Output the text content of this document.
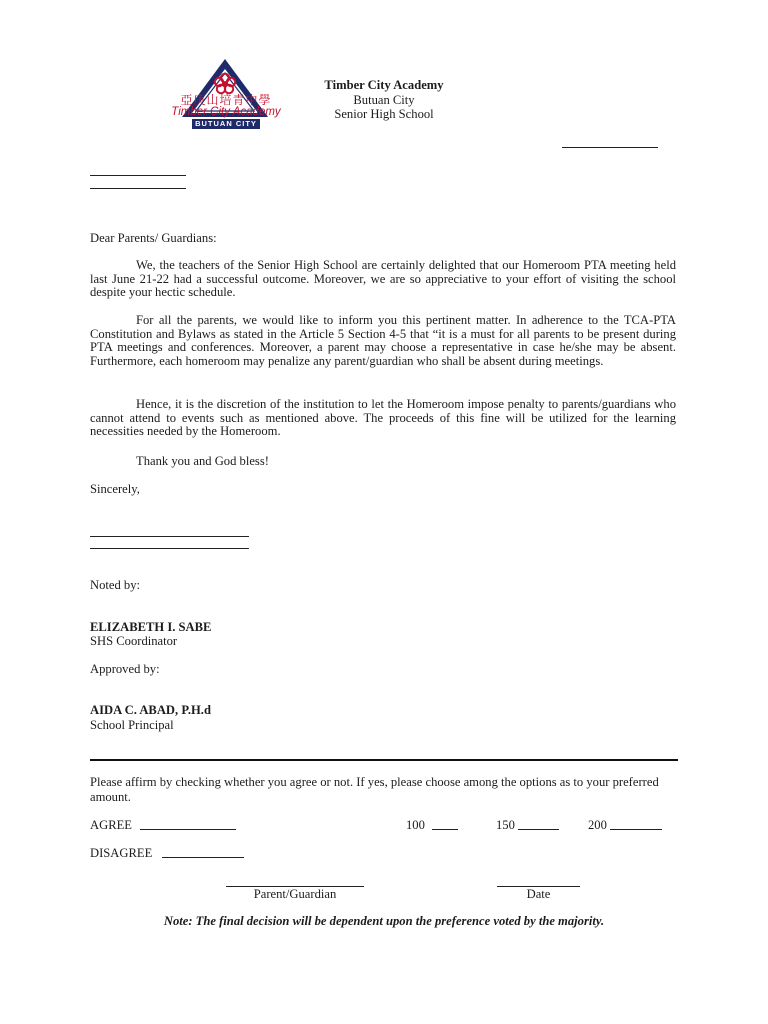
亞庚山培青中學
Timber City Academy
BUTUAN CITY
Timber City Academy
Butuan City
Senior High School
Dear Parents/ Guardians:
We, the teachers of the Senior High School are certainly delighted that our Homeroom PTA meeting held last June 21-22 had a successful outcome. Moreover, we are so appreciative to your effort of visiting the school despite your hectic schedule.
For all the parents, we would like to inform you this pertinent matter. In adherence to the TCA-PTA Constitution and Bylaws as stated in the Article 5 Section 4-5 that “it is a must for all parents to be present during PTA meetings and conferences. Moreover, a parent may choose a representative in case he/she may be absent. Furthermore, each homeroom may penalize any parent/guardian who shall be absent during meetings.
Hence, it is the discretion of the institution to let the Homeroom impose penalty to parents/guardians who cannot attend to events such as mentioned above. The proceeds of this fine will be utilized for the learning necessities needed by the Homeroom.
Thank you and God bless!
Sincerely,
Noted by:
ELIZABETH I. SABE
SHS Coordinator
Approved by:
AIDA C. ABAD, P.H.d
School Principal
Please affirm by checking whether you agree or not. If yes, please choose among the options as to your preferred amount.
AGREE	100	150	200
DISAGREE
Parent/Guardian	Date
Note: The final decision will be dependent upon the preference voted by the majority.
